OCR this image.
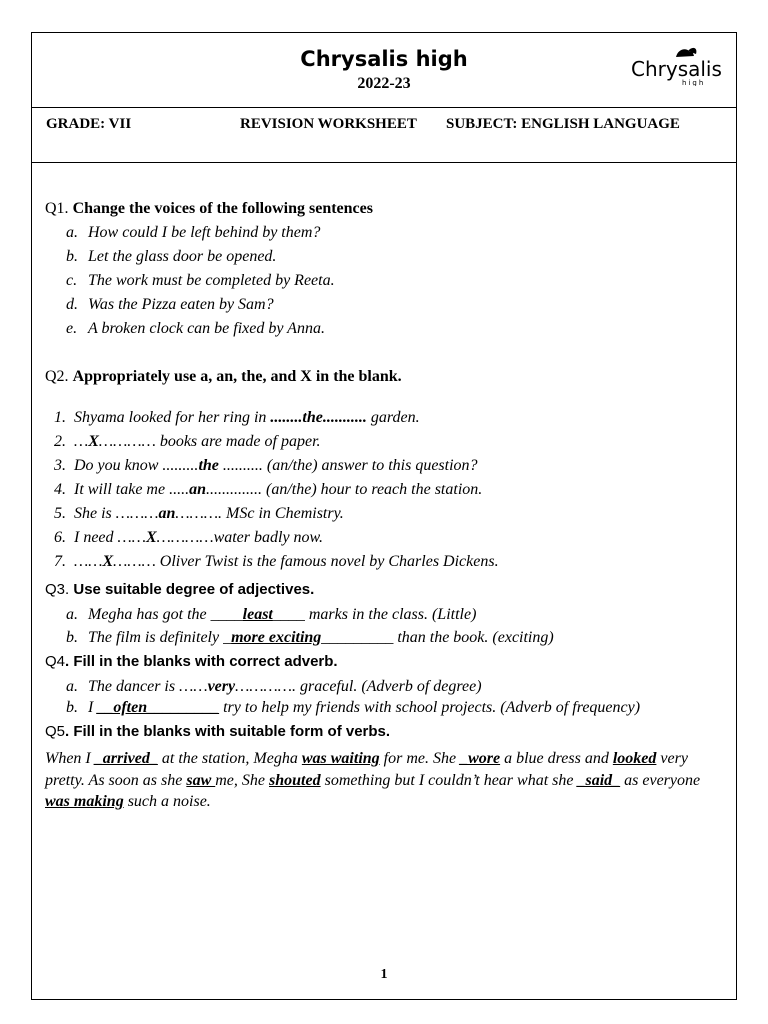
Chrysalis high
2022-23
Chrysalis
high
GRADE: VII	REVISION WORKSHEET SUBJECT: ENGLISH LANGUAGE
Q1. Change the voices of the following sentences
a. How could I be left behind by them?
b. Let the glass door be opened.
c. The work must be completed by Reeta.
d. Was the Pizza eaten by Sam?
e. A broken clock can be fixed by Anna.
Q2. Appropriately use a, an, the, and X in the blank.
1. Shyama looked for her ring in ........the........... garden.
2. …X………… books are made of paper.
3. Do you know .........the .......... (an/the) answer to this question?
4. It will take me .....an.............. (an/the) hour to reach the station.
5. She is ………an………. MSc in Chemistry.
6. I need ……X…………water badly now.
7. ……X……… Oliver Twist is the famous novel by Charles Dickens.
Q3. Use suitable degree of adjectives.
a. Megha has got the ____least____ marks in the class. (Little)
b. The film is definitely _more exciting_________ than the book. (exciting)
Q4. Fill in the blanks with correct adverb.
a. The dancer is ……very…………. graceful. (Adverb of degree)
b. I __often_________ try to help my friends with school projects. (Adverb of frequency)
Q5. Fill in the blanks with suitable form of verbs.
When I _arrived_ at the station, Megha was waiting for me. She _wore a blue dress and looked very pretty. As soon as she saw me, She shouted something but I couldn’t hear what she _said_ as everyone was making such a noise.
1
